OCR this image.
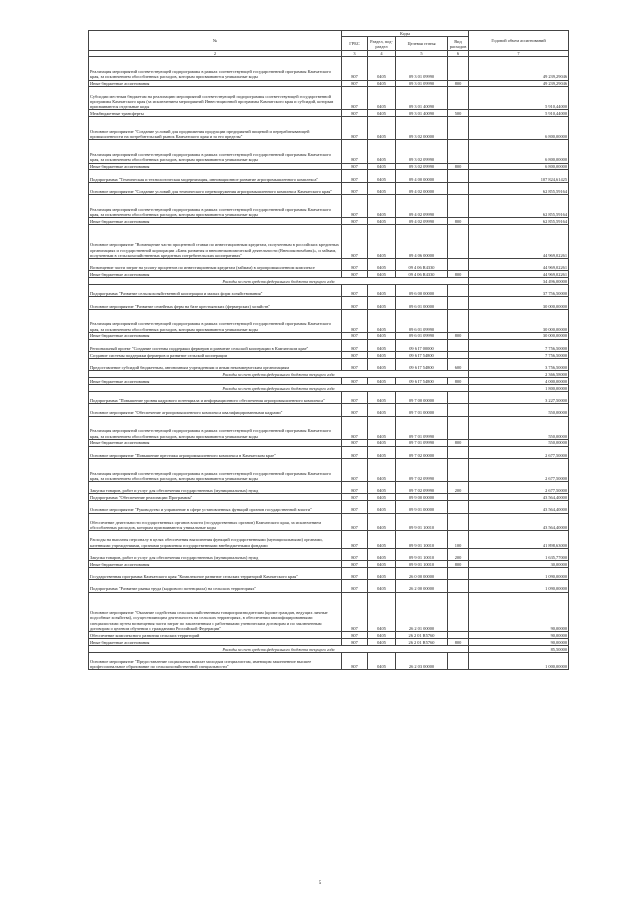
№	Коды				Годовой объем ассигнований
	ГРБС	Раздел, под-раздел	Целевая статья	Вид расходов	
2	3	4	5	6	7
Реализация мероприятий соответствующей подпрограммы в рамках соответствующей государственной программы Камчатского края, за исключением обособленных расходов, которым присваиваются уникальные коды	807	0405	09 3 01 09990		49 239,29046
Иные бюджетные ассигнования	807	0405	09 3 01 09990	800	49 239,29046
Субсидии местным бюджетам на реализацию мероприятий соответствующей подпрограммы соответствующей государственной программы Камчатского края (за исключением мероприятий Инвестиционной программы Камчатского края и субсидий, которым присваиваются отдельные коды	807	0405	09 3 01 40090		5 910,44000
Межбюджетные трансферты	807	0405	09 3 01 40090	500	5 910,44000
Основное мероприятие "Создание условий для продвижения продукции предприятий пищевой и перерабатывающей промышленности на потребительский рынок Камчатского края и за его пределы"	807	0405	09 3 02 00000		6 800,00000
Реализация мероприятий соответствующей подпрограммы в рамках соответствующей государственной программы Камчатского края, за исключением обособленных расходов, которым присваиваются уникальные коды	807	0405	09 3 02 09990		6 800,00000
Иные бюджетные ассигнования	807	0405	09 3 02 09990	800	6 800,00000
Подпрограмма "Техническая и технологическая модернизация, инновационное развитие агропромышленного комплекса"	807	0405	09 4 00 00000		107 824,61425
Основное мероприятие "Создание условий для технического перевооружения агропромышленного комплекса Камчатского края"	807	0405	09 4 02 00000		62 855,59164
Реализация мероприятий соответствующей подпрограммы в рамках соответствующей государственной программы Камчатского края, за исключением обособленных расходов, которым присваиваются уникальные коды	807	0405	09 4 02 09990		62 855,59164
Иные бюджетные ассигнования	807	0405	09 4 02 09990	800	62 855,59164
Основное мероприятие "Возмещение части процентной ставки по инвестиционным кредитам, полученным в российских кредитных организациях и государственной корпорации «Банк развития и внешнеэкономической деятельности (Внешэкономбанк)», и займам, полученным в сельскохозяйственных кредитных потребительских кооперативах"	807	0405	09 4 06 00000		44 969,02261
Возмещение части затрат на уплату процентов по инвестиционным кредитам (займам) в агропромышленном комплексе	807	0405	09 4 06 R4330		44 969,02261
Иные бюджетные ассигнования	807	0405	09 4 06 R4330	800	44 969,02261
Расходы за счет средств федерального бюджета текущего года					34 496,00000
Подпрограмма "Развитие сельскохозяйственной кооперации и малых форм хозяйствования"	807	0405	09 6 00 00000		37 756,50000
Основное мероприятие "Развитие семейных ферм на базе крестьянских (фермерских) хозяйств"	807	0405	09 6 01 00000		30 000,00000
Реализация мероприятий соответствующей подпрограммы в рамках соответствующей государственной программы Камчатского края, за исключением обособленных расходов, которым присваиваются уникальные коды	807	0405	09 6 01 09990		30 000,00000
Иные бюджетные ассигнования	807	0405	09 6 01 09990	800	30 000,00000
Региональный проект "Создание системы поддержки фермеров и развитие сельской кооперации в Камчатском крае"	807	0405	09 6 I7 00000		7 756,50000
Создание системы поддержки фермеров и развитие сельской кооперации	807	0405	09 6 I7 54800		7 756,50000
Предоставление субсидий бюджетным, автономным учреждениям и иным некоммерческим организациям	807	0405	09 6 I7 54800	600	3 756,50000
Расходы за счет средств федерального бюджета текущего года					2 366,58000
Иные бюджетные ассигнования	807	0405	09 6 I7 54800	800	4 000,00000
Расходы за счет средств федерального бюджета текущего года					1 800,00000
Подпрограмма "Повышение уровня кадрового потенциала и информационного обеспечения агропромышленного комплекса"	807	0405	09 7 00 00000		3 227,50000
Основное мероприятие "Обеспечение агропромышленного комплекса квалифицированными кадрами"	807	0405	09 7 01 00000		550,00000
Реализация мероприятий соответствующей подпрограммы в рамках соответствующей государственной программы Камчатского края, за исключением обособленных расходов, которым присваиваются уникальные коды	807	0405	09 7 01 09990		550,00000
Иные бюджетные ассигнования	807	0405	09 7 01 09990	800	550,00000
Основное мероприятие "Повышение престижа агропромышленного комплекса в Камчатском крае"	807	0405	09 7 02 00000		2 677,50000
Реализация мероприятий соответствующей подпрограммы в рамках соответствующей государственной программы Камчатского края, за исключением обособленных расходов, которым присваиваются уникальные коды	807	0405	09 7 02 09990		2 677,50000
Закупка товаров, работ и услуг для обеспечения государственных (муниципальных) нужд	807	0405	09 7 02 09990	200	2 677,50000
Подпрограмма "Обеспечение реализации Программы"	807	0405	09 9 00 00000		43 564,40000
Основное мероприятие "Руководство и управление в сфере установленных функций органов государственной власти"	807	0405	09 9 01 00000		43 564,40000
Обеспечение деятельности государственных органов власти (государственных органов) Камчатского края, за исключением обособленных расходов, которым присваиваются уникальные коды	807	0405	09 9 01 10010		43 564,40000
Расходы на выплаты персоналу в целях обеспечения выполнения функций государственными (муниципальными) органами, казенными учреждениями, органами управления государственными внебюджетными фондами	807	0405	09 9 01 10010	100	41 898,63000
Закупка товаров, работ и услуг для обеспечения государственных (муниципальных) нужд	807	0405	09 9 01 10010	200	1 635,77000
Иные бюджетные ассигнования	807	0405	09 9 01 10010	800	30,00000
Государственная программа Камчатского края "Комплексное развитие сельских территорий Камчатского края"	807	0405	26 0 00 00000		1 090,00000
Подпрограмма "Развитие рынка труда (кадрового потенциала) на сельских территориях"	807	0405	26 2 00 00000		1 090,00000
Основное мероприятие "Оказание содействия сельскохозяйственным товаропроизводителям (кроме граждан, ведущих личные подсобные хозяйства), осуществляющим деятельность на сельских территориях, в обеспечении квалифицированными специалистами путем возмещения части затрат по заключенным с работниками ученическим договорам и по заключенным договорам о целевом обучении с гражданами Российской Федерации"	807	0405	26 2 01 00000		90,00000
Обеспечение комплексного развития сельских территорий	807	0405	26 2 01 R5760		90,00000
Иные бюджетные ассигнования	807	0405	26 2 01 R5760	800	90,00000
Расходы за счет средств федерального бюджета текущего года					85,50000
Основное мероприятие "Предоставление социальных выплат молодым специалистам, имеющим законченное высшее профессиональное образование по сельскохозяйственной специальности"	807	0405	26 2 03 00000		1 000,00000
5
